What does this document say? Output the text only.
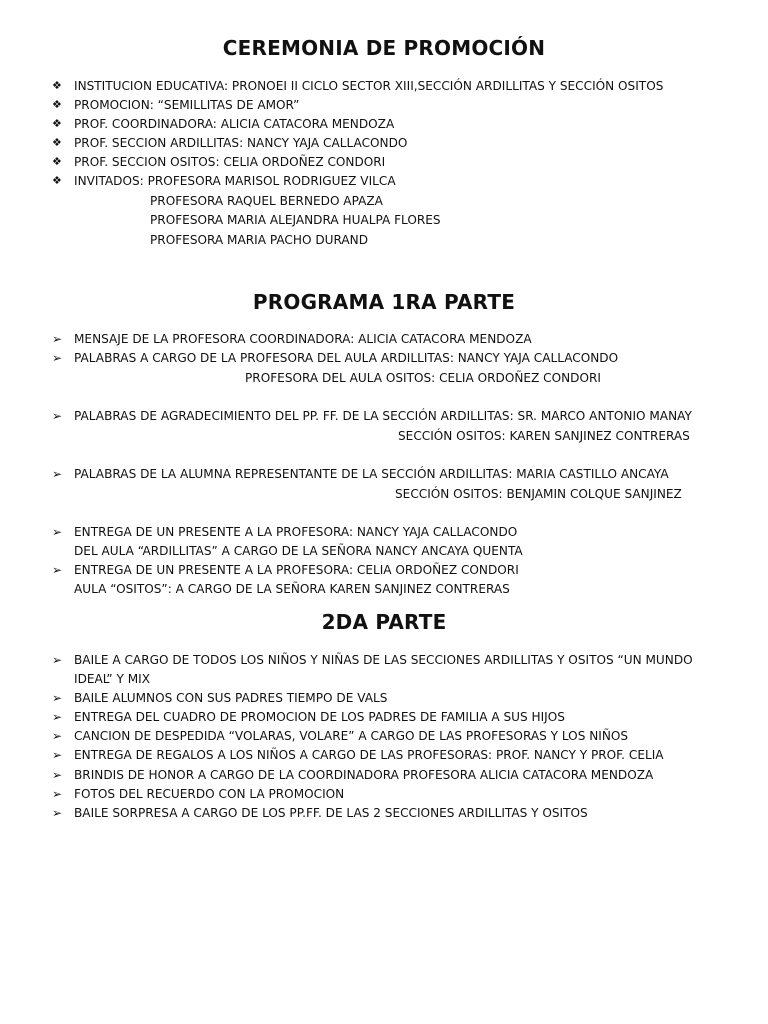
CEREMONIA DE PROMOCIÓN
❖	INSTITUCION EDUCATIVA: PRONOEI II CICLO SECTOR XIII,SECCIÓN ARDILLITAS Y SECCIÓN OSITOS
❖	PROMOCION: “SEMILLITAS DE AMOR”
❖	PROF. COORDINADORA: ALICIA CATACORA MENDOZA
❖	PROF. SECCION ARDILLITAS: NANCY YAJA CALLACONDO
❖	PROF. SECCION OSITOS: CELIA ORDOÑEZ CONDORI
❖	INVITADOS: PROFESORA MARISOL RODRIGUEZ VILCA
PROFESORA RAQUEL BERNEDO APAZA
PROFESORA MARIA ALEJANDRA HUALPA FLORES
PROFESORA MARIA PACHO DURAND
PROGRAMA 1RA PARTE
➢ MENSAJE DE LA PROFESORA COORDINADORA: ALICIA CATACORA MENDOZA
➢ PALABRAS A CARGO DE LA PROFESORA DEL AULA ARDILLITAS: NANCY YAJA CALLACONDO
PROFESORA DEL AULA OSITOS: CELIA ORDOÑEZ CONDORI
➢ PALABRAS DE AGRADECIMIENTO DEL PP. FF. DE LA SECCIÓN ARDILLITAS: SR. MARCO ANTONIO MANAY
SECCIÓN OSITOS: KAREN SANJINEZ CONTRERAS
➢ PALABRAS DE LA ALUMNA REPRESENTANTE DE LA SECCIÓN ARDILLITAS: MARIA CASTILLO ANCAYA
SECCIÓN OSITOS: BENJAMIN COLQUE SANJINEZ
➢ ENTREGA DE UN PRESENTE A LA PROFESORA: NANCY YAJA CALLACONDO
DEL AULA “ARDILLITAS” A CARGO DE LA SEÑORA NANCY ANCAYA QUENTA
➢ ENTREGA DE UN PRESENTE A LA PROFESORA: CELIA ORDOÑEZ CONDORI
AULA “OSITOS”: A CARGO DE LA SEÑORA KAREN SANJINEZ CONTRERAS
2DA PARTE
➢ BAILE A CARGO DE TODOS LOS NIÑOS Y NIÑAS DE LAS SECCIONES ARDILLITAS Y OSITOS “UN MUNDO
IDEAL” Y MIX
➢ BAILE ALUMNOS CON SUS PADRES TIEMPO DE VALS
➢ ENTREGA DEL CUADRO DE PROMOCION DE LOS PADRES DE FAMILIA A SUS HIJOS
➢ CANCION DE DESPEDIDA “VOLARAS, VOLARE” A CARGO DE LAS PROFESORAS Y LOS NIÑOS
➢ ENTREGA DE REGALOS A LOS NIÑOS A CARGO DE LAS PROFESORAS: PROF. NANCY Y PROF. CELIA
➢ BRINDIS DE HONOR A CARGO DE LA COORDINADORA PROFESORA ALICIA CATACORA MENDOZA
➢ FOTOS DEL RECUERDO CON LA PROMOCION
➢ BAILE SORPRESA A CARGO DE LOS PP.FF. DE LAS 2 SECCIONES ARDILLITAS Y OSITOS
